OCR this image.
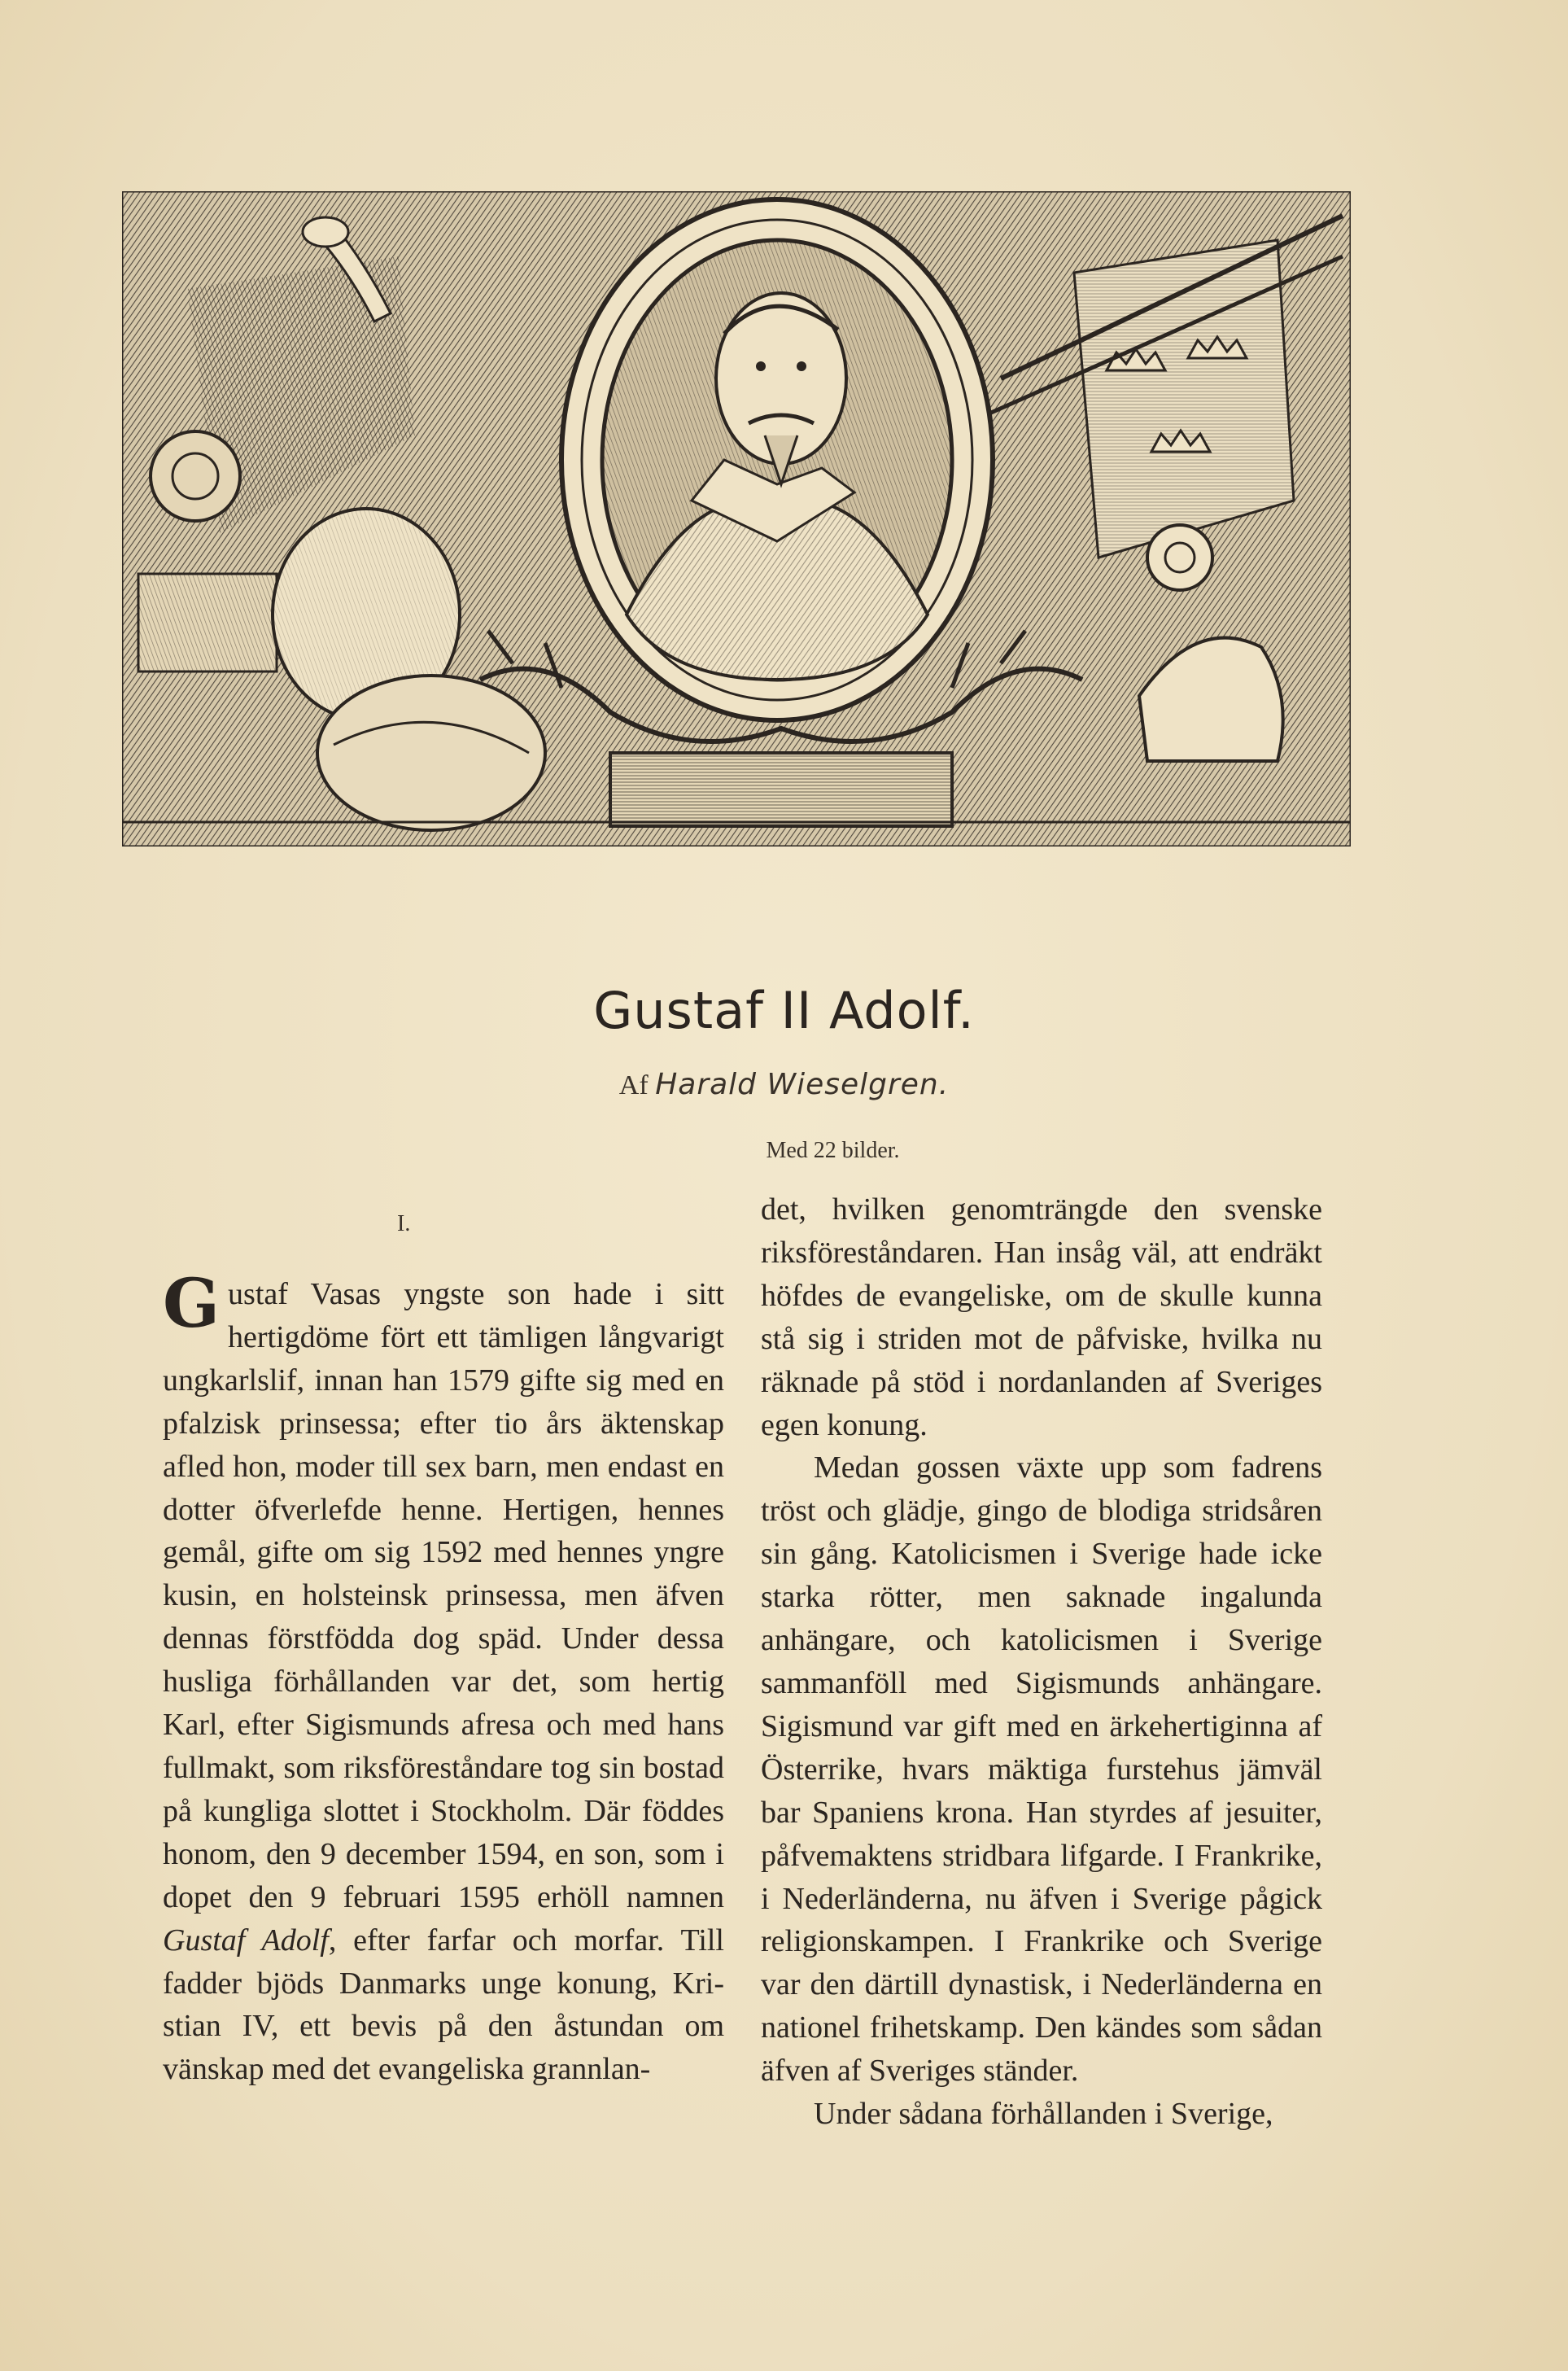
Gustaf II Adolf.
Af Harald Wieselgren.
Med 22 bilder.
I.

Gustaf Vasas yngste son hade i sitt hertigdöme fört ett tämligen långvarigt ungkarlslif, innan han 1579 gifte sig med en pfalzisk prinsessa; efter tio års äktenskap afled hon, moder till sex barn, men endast en dotter öfverlefde henne. Hertigen, hennes gemål, gifte om sig 1592 med hennes yngre kusin, en holsteinsk prinsessa, men äfven dennas förstfödda dog späd. Under dessa husliga förhållanden var det, som hertig Karl, efter Sigismunds afresa och med hans fullmakt, som riksföreståndare tog sin bostad på kungliga slottet i Stockholm. Där föddes honom, den 9 december 1594, en son, som i dopet den 9 februari 1595 erhöll namnen Gustaf Adolf, efter farfar och morfar. Till fadder bjöds Danmarks unge konung, Kristian IV, ett bevis på den åstundan om vänskap med det evangeliska grannlan-

det, hvilken genomträngde den svenske riksföreståndaren. Han insåg väl, att endräkt höfdes de evangeliske, om de skulle kunna stå sig i striden mot de påfviske, hvilka nu räknade på stöd i nordanlanden af Sveriges egen konung.

Medan gossen växte upp som fadrens tröst och glädje, gingo de blodiga stridsåren sin gång. Katolicismen i Sverige hade icke starka rötter, men saknade ingalunda anhängare, och katolicismen i Sverige sammanföll med Sigismunds anhängare. Sigismund var gift med en ärkehertiginna af Österrike, hvars mäktiga furstehus jämväl bar Spaniens krona. Han styrdes af jesuiter, påfvemaktens stridbara lifgarde. I Frankrike, i Nederländerna, nu äfven i Sverige pågick religionskampen. I Frankrike och Sverige var den därtill dynastisk, i Nederländerna en nationel frihetskamp. Den kändes som sådan äfven af Sveriges ständer.

Under sådana förhållanden i Sverige,
